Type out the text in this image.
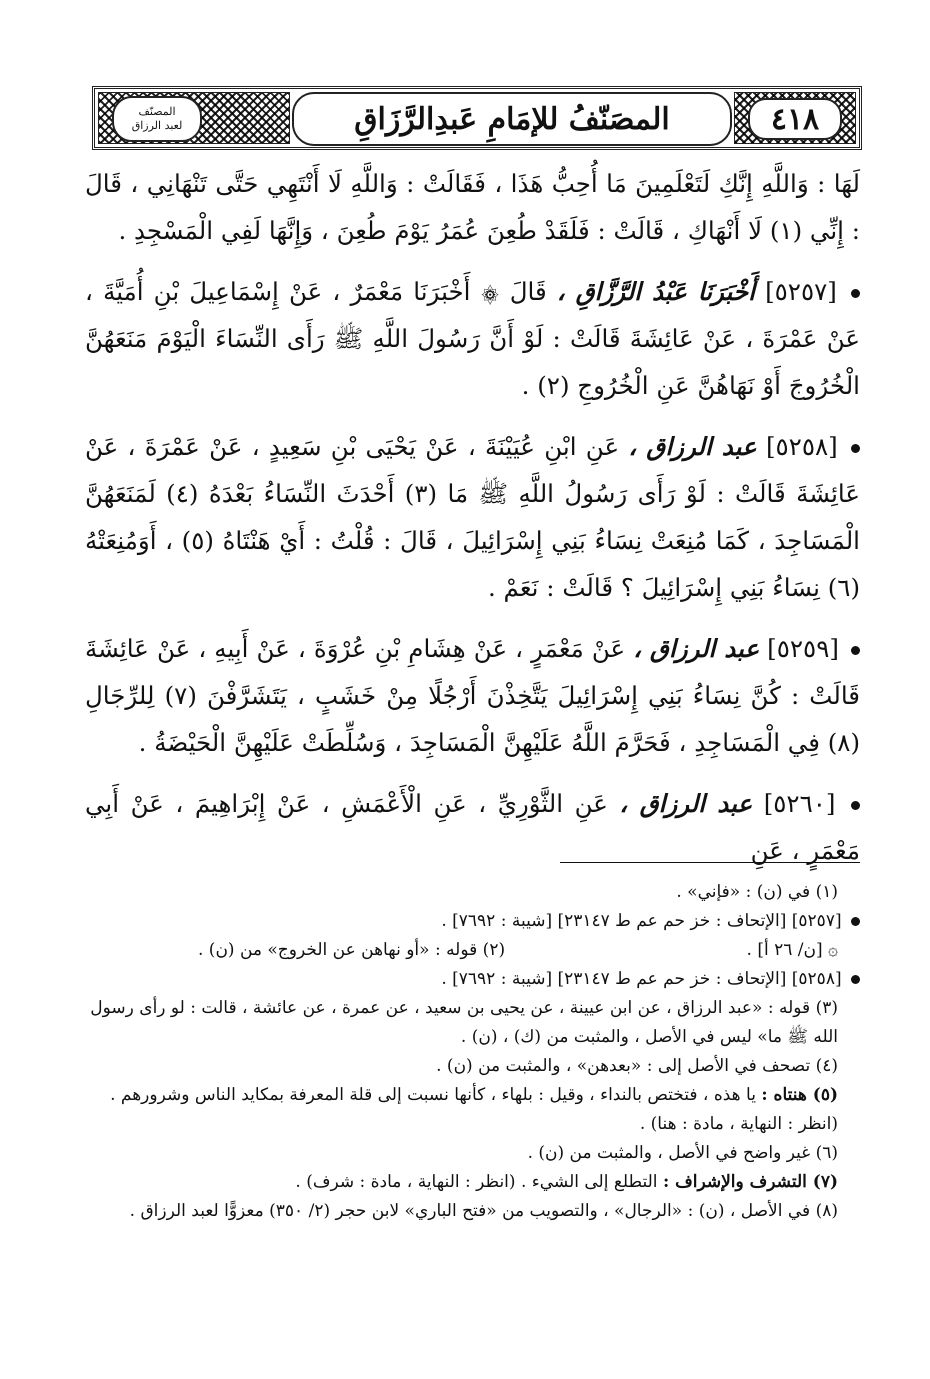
المصنّف
لعبد الرزاق	المصَنّفُ للإمَامِ عَبدِالرَّزَاقِ	٤١٨

لَهَا : وَاللَّهِ إِنَّكِ لَتَعْلَمِينَ مَا أُحِبُّ هَذَا ، فَقَالَتْ : وَاللَّهِ لَا أَنْتَهِي حَتَّى تَنْهَانِي ، قَالَ : إِنِّي (١) لَا أَنْهَاكِ ، قَالَتْ : فَلَقَدْ طُعِنَ عُمَرُ يَوْمَ طُعِنَ ، وَإِنَّهَا لَفِي الْمَسْجِدِ .

[٥٢٥٧] أَخْبَرَنَا عَبْدُ الرَّزَّاقِ ، قَالَ ۞ أَخْبَرَنَا مَعْمَرٌ ، عَنْ إِسْمَاعِيلَ بْنِ أُمَيَّةَ ، عَنْ عَمْرَةَ ، عَنْ عَائِشَةَ قَالَتْ : لَوْ أَنَّ رَسُولَ اللَّهِ ﷺ رَأَى النِّسَاءَ الْيَوْمَ مَنَعَهُنَّ الْخُرُوجَ أَوْ نَهَاهُنَّ عَنِ الْخُرُوجِ (٢) .

[٥٢٥٨] عبد الرزاق ، عَنِ ابْنِ عُيَيْنَةَ ، عَنْ يَحْيَى بْنِ سَعِيدٍ ، عَنْ عَمْرَةَ ، عَنْ عَائِشَةَ قَالَتْ : لَوْ رَأَى رَسُولُ اللَّهِ ﷺ مَا (٣) أَحْدَثَ النِّسَاءُ بَعْدَهُ (٤) لَمَنَعَهُنَّ الْمَسَاجِدَ ، كَمَا مُنِعَتْ نِسَاءُ بَنِي إِسْرَائِيلَ ، قَالَ : قُلْتُ : أَيْ هَنْتَاهُ (٥) ، أَوَمُنِعَتْهُ (٦) نِسَاءُ بَنِي إِسْرَائِيلَ ؟ قَالَتْ : نَعَمْ .

[٥٢٥٩] عبد الرزاق ، عَنْ مَعْمَرٍ ، عَنْ هِشَامِ بْنِ عُرْوَةَ ، عَنْ أَبِيهِ ، عَنْ عَائِشَةَ قَالَتْ : كُنَّ نِسَاءُ بَنِي إِسْرَائِيلَ يَتَّخِذْنَ أَرْجُلًا مِنْ خَشَبٍ ، يَتَشَرَّفْنَ (٧) لِلرِّجَالِ (٨) فِي الْمَسَاجِدِ ، فَحَرَّمَ اللَّهُ عَلَيْهِنَّ الْمَسَاجِدَ ، وَسُلِّطَتْ عَلَيْهِنَّ الْحَيْضَةُ .

[٥٢٦٠] عبد الرزاق ، عَنِ الثَّوْرِيِّ ، عَنِ الْأَعْمَشِ ، عَنْ إِبْرَاهِيمَ ، عَنْ أَبِي مَعْمَرٍ ، عَنِ

(١) في (ن) : «فإني» .

[٥٢٥٧] [الإتحاف : خز حم عم ط ٢٣١٤٧] [شيبة : ٧٦٩٢] .

۞ [ن/ ٢٦ أ] .
(٢) قوله : «أو نهاهن عن الخروج» من (ن) .

[٥٢٥٨] [الإتحاف : خز حم عم ط ٢٣١٤٧] [شيبة : ٧٦٩٢] .

(٣) قوله : «عبد الرزاق ، عن ابن عيينة ، عن يحيى بن سعيد ، عن عمرة ، عن عائشة ، قالت : لو رأى رسول الله ﷺ ما» ليس في الأصل ، والمثبت من (ك) ، (ن) .

(٤) تصحف في الأصل إلى : «بعدهن» ، والمثبت من (ن) .

(٥) هنتاه : يا هذه ، فتختص بالنداء ، وقيل : بلهاء ، كأنها نسبت إلى قلة المعرفة بمكايد الناس وشرورهم . (انظر : النهاية ، مادة : هنا) .

(٦) غير واضح في الأصل ، والمثبت من (ن) .

(٧) التشرف والإشراف : التطلع إلى الشيء . (انظر : النهاية ، مادة : شرف) .

(٨) في الأصل ، (ن) : «الرجال» ، والتصويب من «فتح الباري» لابن حجر (٢/ ٣٥٠) معزوًّا لعبد الرزاق .
